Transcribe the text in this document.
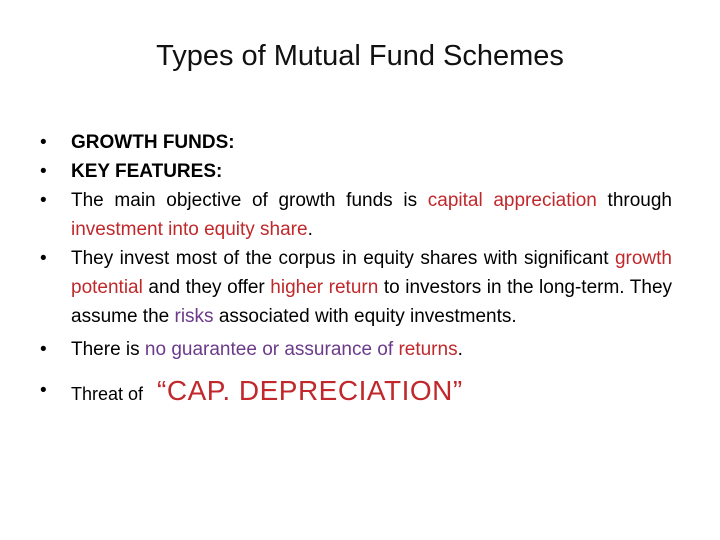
Types of Mutual Fund Schemes
• GROWTH FUNDS:
• KEY FEATURES:
• The main objective of growth funds is capital appreciation through investment into equity share.
• They invest most of the corpus in equity shares with significant growth potential and they offer higher return to investors in the long-term. They assume the risks associated with equity investments.
• There is no guarantee or assurance of returns.
• Threat of “CAP. DEPRECIATION”
